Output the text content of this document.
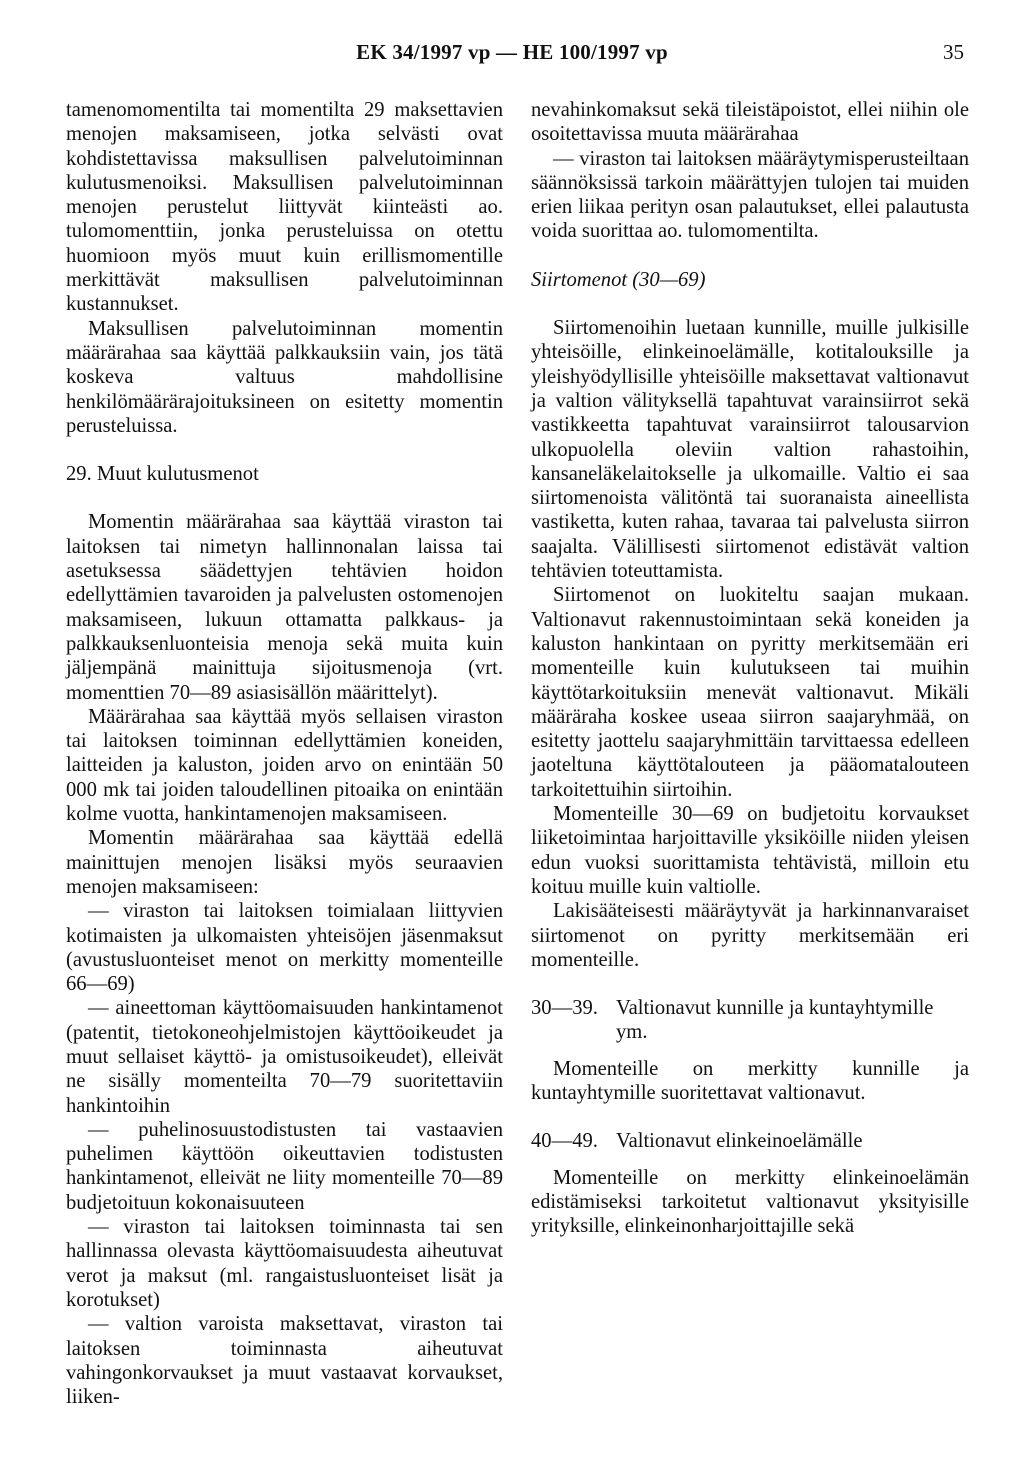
EK 34/1997 vp — HE 100/1997 vp	35

tamenomomentilta tai momentilta 29 maksettavien menojen maksamiseen, jotka selvästi ovat kohdistettavissa maksullisen palvelutoiminnan kulutusmenoiksi. Maksullisen palvelutoiminnan menojen perustelut liittyvät kiinteästi ao. tulomomenttiin, jonka perusteluissa on otettu huomioon myös muut kuin erillismomentille merkittävät maksullisen palvelutoiminnan kustannukset.

Maksullisen palvelutoiminnan momentin määrärahaa saa käyttää palkkauksiin vain, jos tätä koskeva valtuus mahdollisine henkilömäärärajoituksineen on esitetty momentin perusteluissa.

29. Muut kulutusmenot

Momentin määrärahaa saa käyttää viraston tai laitoksen tai nimetyn hallinnonalan laissa tai asetuksessa säädettyjen tehtävien hoidon edellyttämien tavaroiden ja palvelusten ostomenojen maksamiseen, lukuun ottamatta palkkaus- ja palkkauksenluonteisia menoja sekä muita kuin jäljempänä mainittuja sijoitusmenoja (vrt. momenttien 70—89 asiasisällön määrittelyt).

Määrärahaa saa käyttää myös sellaisen viraston tai laitoksen toiminnan edellyttämien koneiden, laitteiden ja kaluston, joiden arvo on enintään 50 000 mk tai joiden taloudellinen pitoaika on enintään kolme vuotta, hankintamenojen maksamiseen.

Momentin määrärahaa saa käyttää edellä mainittujen menojen lisäksi myös seuraavien menojen maksamiseen:

— viraston tai laitoksen toimialaan liittyvien kotimaisten ja ulkomaisten yhteisöjen jäsenmaksut (avustusluonteiset menot on merkitty momenteille 66—69)

— aineettoman käyttöomaisuuden hankintamenot (patentit, tietokoneohjelmistojen käyttöoikeudet ja muut sellaiset käyttö- ja omistusoikeudet), elleivät ne sisälly momenteilta 70—79 suoritettaviin hankintoihin

— puhelinosuustodistusten tai vastaavien puhelimen käyttöön oikeuttavien todistusten hankintamenot, elleivät ne liity momenteille 70—89 budjetoituun kokonaisuuteen

— viraston tai laitoksen toiminnasta tai sen hallinnassa olevasta käyttöomaisuudesta aiheutuvat verot ja maksut (ml. rangaistusluonteiset lisät ja korotukset)

— valtion varoista maksettavat, viraston tai laitoksen toiminnasta aiheutuvat vahingonkorvaukset ja muut vastaavat korvaukset, liiken-

nevahinkomaksut sekä tileistäpoistot, ellei niihin ole osoitettavissa muuta määrärahaa

— viraston tai laitoksen määräytymisperusteiltaan säännöksissä tarkoin määrättyjen tulojen tai muiden erien liikaa perityn osan palautukset, ellei palautusta voida suorittaa ao. tulomomentilta.

Siirtomenot (30—69)

Siirtomenoihin luetaan kunnille, muille julkisille yhteisöille, elinkeinoelämälle, kotitalouksille ja yleishyödyllisille yhteisöille maksettavat valtionavut ja valtion välityksellä tapahtuvat varainsiirrot sekä vastikkeetta tapahtuvat varainsiirrot talousarvion ulkopuolella oleviin valtion rahastoihin, kansaneläkelaitokselle ja ulkomaille. Valtio ei saa siirtomenoista välitöntä tai suoranaista aineellista vastiketta, kuten rahaa, tavaraa tai palvelusta siirron saajalta. Välillisesti siirtomenot edistävät valtion tehtävien toteuttamista.

Siirtomenot on luokiteltu saajan mukaan. Valtionavut rakennustoimintaan sekä koneiden ja kaluston hankintaan on pyritty merkitsemään eri momenteille kuin kulutukseen tai muihin käyttötarkoituksiin menevät valtionavut. Mikäli määräraha koskee useaa siirron saajaryhmää, on esitetty jaottelu saajaryhmittäin tarvittaessa edelleen jaoteltuna käyttötalouteen ja pääomatalouteen tarkoitettuihin siirtoihin.

Momenteille 30—69 on budjetoitu korvaukset liiketoimintaa harjoittaville yksiköille niiden yleisen edun vuoksi suorittamista tehtävistä, milloin etu koituu muille kuin valtiolle.

Lakisääteisesti määräytyvät ja harkinnanvaraiset siirtomenot on pyritty merkitsemään eri momenteille.

30—39. Valtionavut kunnille ja kuntayhtymille ym.

Momenteille on merkitty kunnille ja kuntayhtymille suoritettavat valtionavut.

40—49. Valtionavut elinkeinoelämälle

Momenteille on merkitty elinkeinoelämän edistämiseksi tarkoitetut valtionavut yksityisille yrityksille, elinkeinonharjoittajille sekä
